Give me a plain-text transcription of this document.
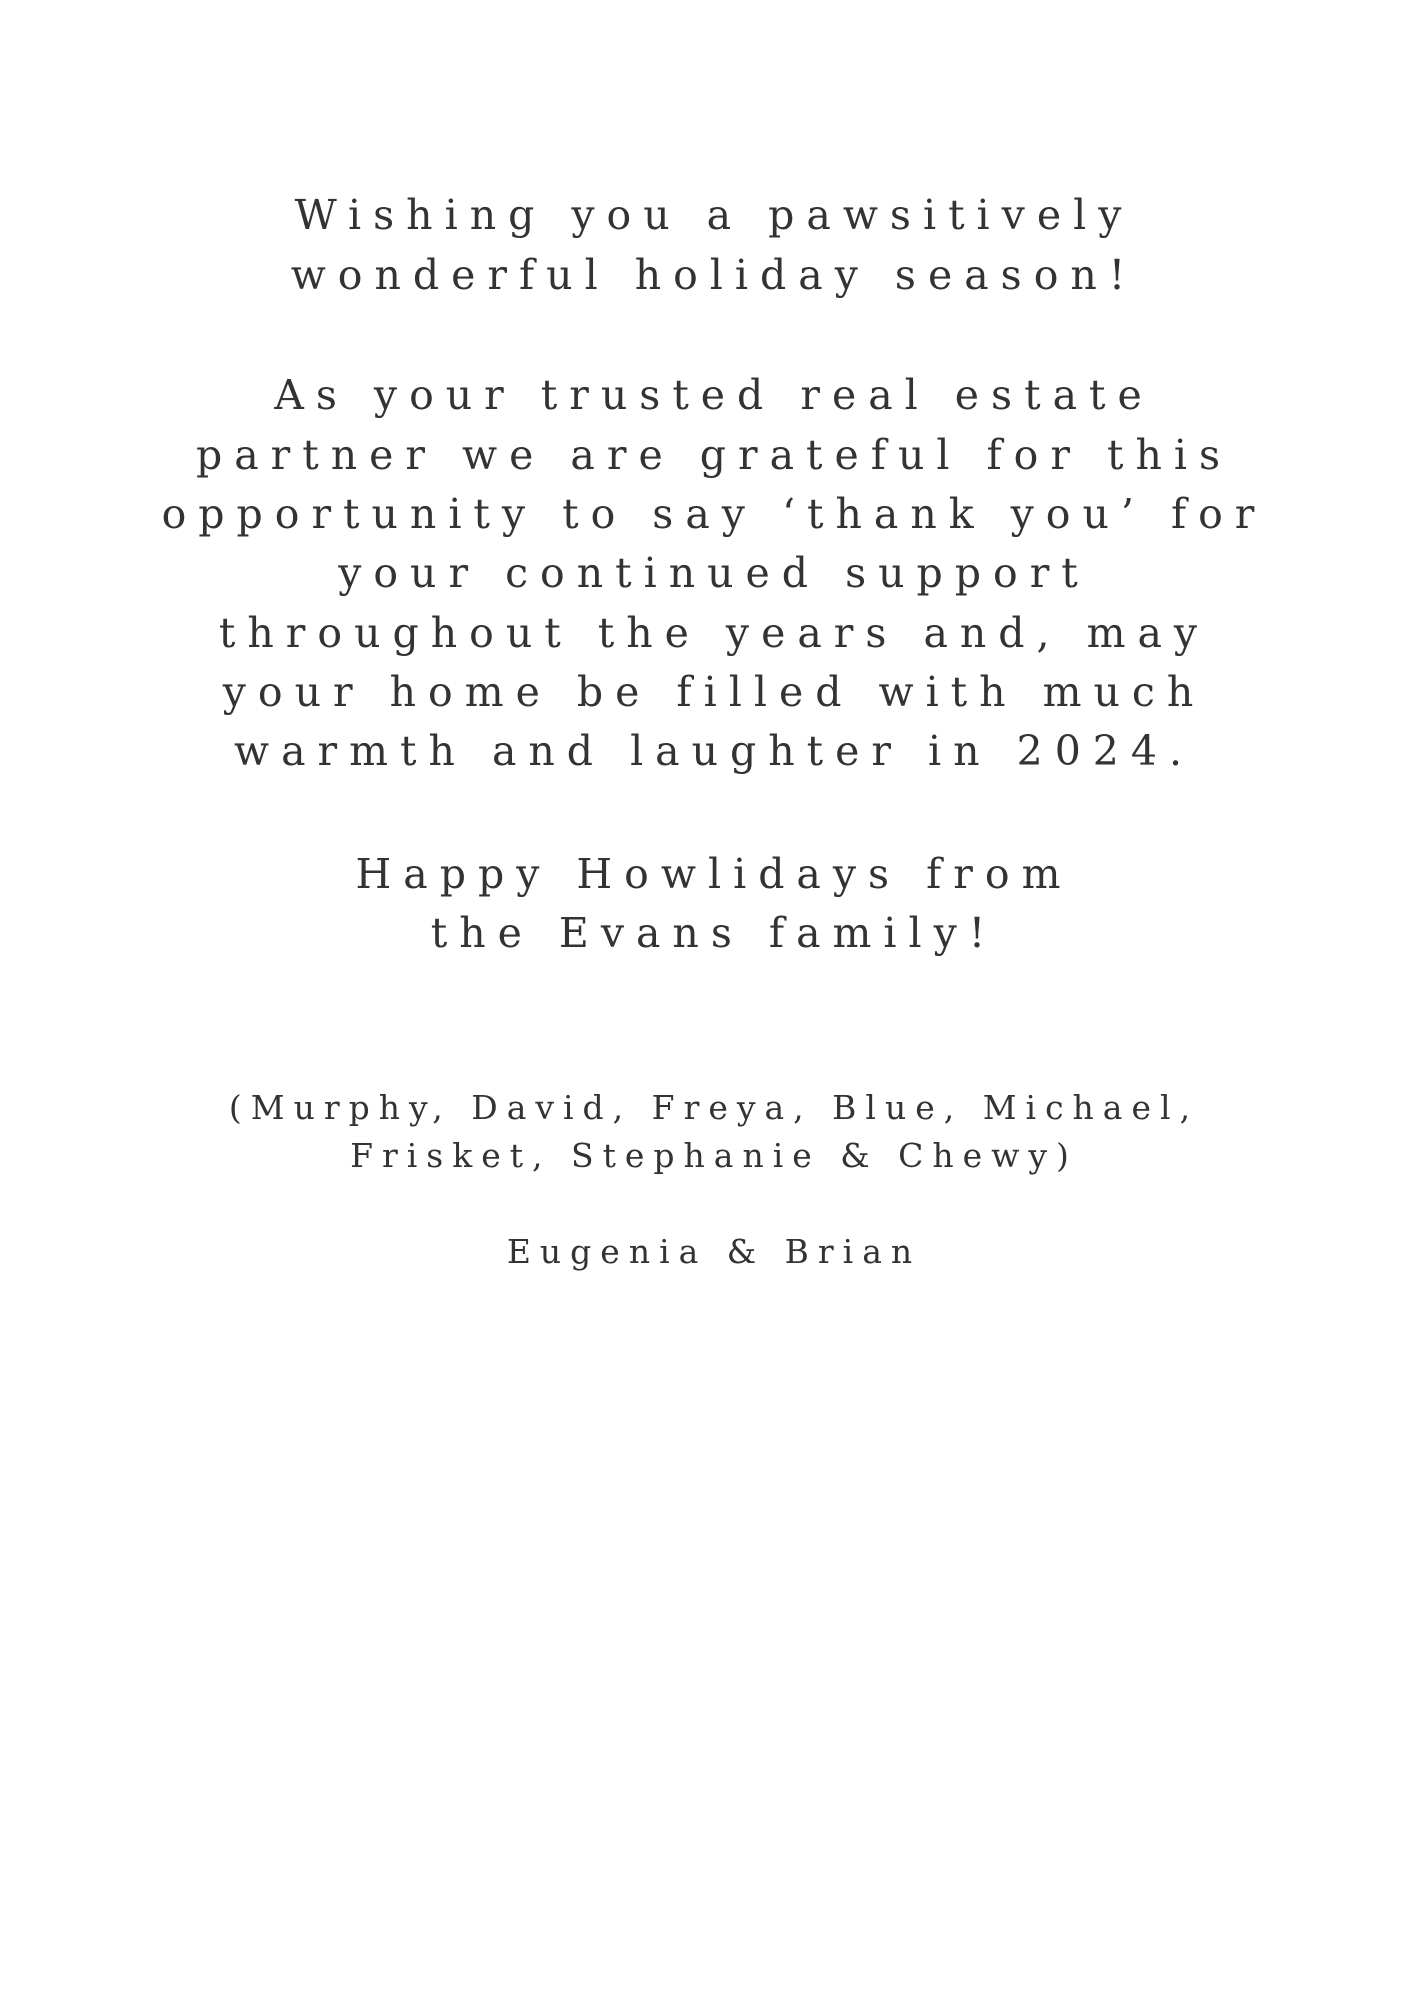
Wishing you a pawsitively
wonderful holiday season!
As your trusted real estate
partner we are grateful for this
opportunity to say ‘thank you’ for
your continued support
throughout the years and, may
your home be filled with much
warmth and laughter in 2024.
Happy Howlidays from
the Evans family!
(Murphy, David, Freya, Blue, Michael,
Frisket, Stephanie & Chewy)
Eugenia & Brian
